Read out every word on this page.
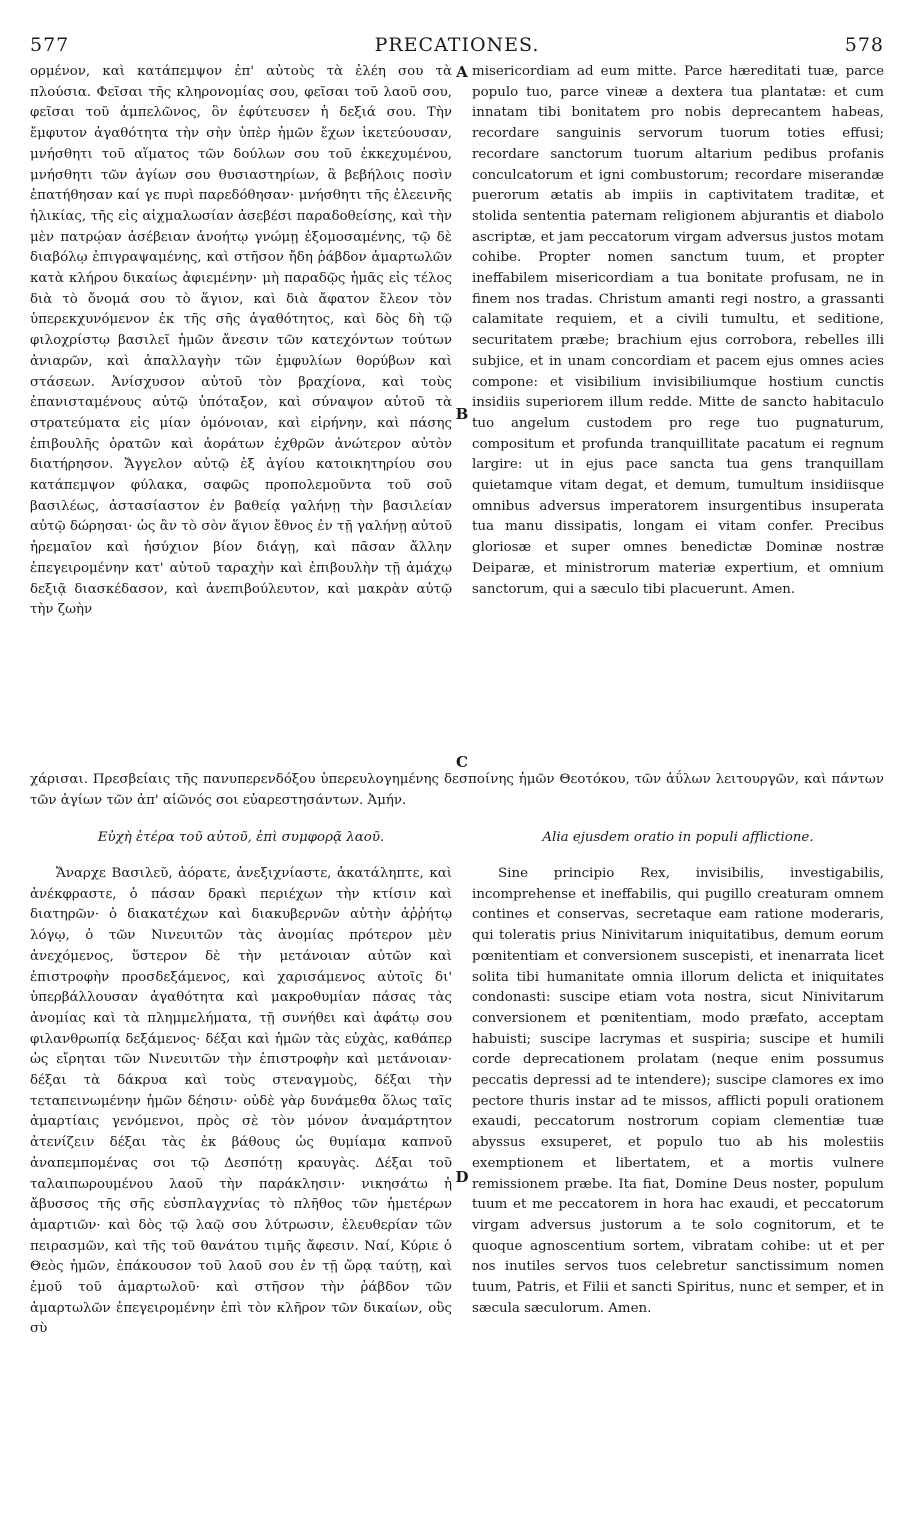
577	PRECATIONES.	578

ορμένον, καὶ κατάπεμψον ἐπ' αὐτοὺς τὰ ἐλέη σου τὰ πλούσια. Φεῖσαι τῆς κληρονομίας σου, φεῖσαι τοῦ λαοῦ σου, φεῖσαι τοῦ ἀμπελῶνος, ὃν ἐφύτευσεν ἡ δεξιά σου. Τὴν ἔμφυτον ἀγαθότητα τὴν σὴν ὑπὲρ ἡμῶν ἔχων ἱκετεύουσαν, μνήσθητι τοῦ αἵματος τῶν δούλων σου τοῦ ἐκκεχυμένου, μνήσθητι τῶν ἁγίων σου θυσιαστηρίων, ἃ βεβήλοις ποσὶν ἐπατήθησαν καί γε πυρὶ παρεδόθησαν· μνήσθητι τῆς ἐλεεινῆς ἡλικίας, τῆς εἰς αἰχμαλωσίαν ἀσεβέσι παραδοθείσης, καὶ τὴν μὲν πατρῴαν ἀσέβειαν ἀνοήτῳ γνώμῃ ἐξομοσαμένης, τῷ δὲ διαβόλῳ ἐπιγραψαμένης, καὶ στῆσον ἤδη ῥάβδον ἁμαρτωλῶν κατὰ κλήρου δικαίως ἀφιεμένην· μὴ παραδῷς ἡμᾶς εἰς τέλος διὰ τὸ ὄνομά σου τὸ ἅγιον, καὶ διὰ ἄφατον ἔλεον τὸν ὑπερεκχυνόμενον ἐκ τῆς σῆς ἀγαθότητος, καὶ δὸς δὴ τῷ φιλοχρίστῳ βασιλεῖ ἡμῶν ἄνεσιν τῶν κατεχόντων τούτων ἀνιαρῶν, καὶ ἀπαλλαγὴν τῶν ἐμφυλίων θορύβων καὶ στάσεων. Ἀνίσχυσον αὐτοῦ τὸν βραχίονα, καὶ τοὺς ἐπανισταμένους αὐτῷ ὑπόταξον, καὶ σύναψον αὐτοῦ τὰ στρατεύματα εἰς μίαν ὁμόνοιαν, καὶ εἰρήνην, καὶ πάσης ἐπιβουλῆς ὁρατῶν καὶ ἀοράτων ἐχθρῶν ἀνώτερον αὐτὸν διατήρησον. Ἄγγελον αὐτῷ ἐξ ἁγίου κατοικητηρίου σου κατάπεμψον φύλακα, σαφῶς προπολεμοῦντα τοῦ σοῦ βασιλέως, ἀστασίαστον ἐν βαθείᾳ γαλήνῃ τὴν βασιλείαν αὐτῷ δώρησαι· ὡς ἂν τὸ σὸν ἅγιον ἔθνος ἐν τῇ γαλήνῃ αὐτοῦ ἠρεμαῖον καὶ ἡσύχιον βίον διάγῃ, καὶ πᾶσαν ἄλλην ἐπεγειρομένην κατ' αὐτοῦ ταραχὴν καὶ ἐπιβουλὴν τῇ ἀμάχῳ δεξιᾷ διασκέδασον, καὶ ἀνεπιβούλευτον, καὶ μακρὰν αὐτῷ τὴν ζωὴν

misericordiam ad eum mitte. Parce hæreditati tuæ, parce populo tuo, parce vineæ a dextera tua plantatæ: et cum innatam tibi bonitatem pro nobis deprecantem habeas, recordare sanguinis servorum tuorum toties effusi; recordare sanctorum tuorum altarium pedibus profanis conculcatorum et igni combustorum; recordare miserandæ puerorum ætatis ab impiis in captivitatem traditæ, et stolida sententia paternam religionem abjurantis et diabolo ascriptæ, et jam peccatorum virgam adversus justos motam cohibe. Propter nomen sanctum tuum, et propter ineffabilem misericordiam a tua bonitate profusam, ne in finem nos tradas. Christum amanti regi nostro, a grassanti calamitate requiem, et a civili tumultu, et seditione, securitatem præbe; brachium ejus corrobora, rebelles illi subjice, et in unam concordiam et pacem ejus omnes acies compone: et visibilium invisibiliumque hostium cunctis insidiis superiorem illum redde. Mitte de sancto habitaculo tuo angelum custodem pro rege tuo pugnaturum, compositum et profunda tranquillitate pacatum ei regnum largire: ut in ejus pace sancta tua gens tranquillam quietamque vitam degat, et demum, tumultum insidiisque omnibus adversus imperatorem insurgentibus insuperata tua manu dissipatis, longam ei vitam confer. Precibus gloriosæ et super omnes benedictæ Dominæ nostræ Deiparæ, et ministrorum materiæ expertium, et omnium sanctorum, qui a sæculo tibi placuerunt. Amen.

A
B
C
D

χάρισαι. Πρεσβείαις τῆς πανυπερενδόξου ὑπερευλογημένης δεσποίνης ἡμῶν Θεοτόκου, τῶν ἀΰλων λειτουργῶν, καὶ πάντων τῶν ἁγίων τῶν ἀπ' αἰῶνός σοι εὐαρεστησάντων. Ἀμήν.

Εὐχὴ ἑτέρα τοῦ αὐτοῦ, ἐπὶ συμφορᾷ λαοῦ.	Alia ejusdem oratio in populi afflictione.

Ἄναρχε Βασιλεῦ, ἀόρατε, ἀνεξιχνίαστε, ἀκατάληπτε, καὶ ἀνέκφραστε, ὁ πάσαν δρακὶ περιέχων τὴν κτίσιν καὶ διατηρῶν· ὁ διακατέχων καὶ διακυβερνῶν αὐτὴν ἀῤῥήτῳ λόγῳ, ὁ τῶν Νινευιτῶν τὰς ἀνομίας πρότερον μὲν ἀνεχόμενος, ὕστερον δὲ τὴν μετάνοιαν αὐτῶν καὶ ἐπιστροφὴν προσδεξάμενος, καὶ χαρισάμενος αὐτοῖς δι' ὑπερβάλλουσαν ἀγαθότητα καὶ μακροθυμίαν πάσας τὰς ἀνομίας καὶ τὰ πλημμελήματα, τῇ συνήθει καὶ ἀφάτῳ σου φιλανθρωπίᾳ δεξάμενος· δέξαι καὶ ἡμῶν τὰς εὐχὰς, καθάπερ ὡς εἴρηται τῶν Νινευιτῶν τὴν ἐπιστροφὴν καὶ μετάνοιαν· δέξαι τὰ δάκρυα καὶ τοὺς στεναγμοὺς, δέξαι τὴν τεταπεινωμένην ἡμῶν δέησιν· οὐδὲ γὰρ δυνάμεθα ὅλως ταῖς ἁμαρτίαις γενόμενοι, πρὸς σὲ τὸν μόνον ἀναμάρτητον ἀτενίζειν δέξαι τὰς ἐκ βάθους ὡς θυμίαμα καπνοῦ ἀναπεμπομένας σοι τῷ Δεσπότῃ κραυγὰς. Δέξαι τοῦ ταλαιπωρουμένου λαοῦ τὴν παράκλησιν· νικησάτω ἡ ἄβυσσος τῆς σῆς εὐσπλαγχνίας τὸ πλῆθος τῶν ἡμετέρων ἁμαρτιῶν· καὶ δὸς τῷ λαῷ σου λύτρωσιν, ἐλευθερίαν τῶν πειρασμῶν, καὶ τῆς τοῦ θανάτου τιμῆς ἄφεσιν. Ναί, Κύριε ὁ Θεὸς ἡμῶν, ἐπάκουσον τοῦ λαοῦ σου ἐν τῇ ὥρᾳ ταύτῃ, καὶ ἐμοῦ τοῦ ἁμαρτωλοῦ· καὶ στῆσον τὴν ῥάβδον τῶν ἁμαρτωλῶν ἐπεγειρομένην ἐπὶ τὸν κλῆρον τῶν δικαίων, οὓς σὺ

Sine principio Rex, invisibilis, investigabilis, incomprehense et ineffabilis, qui pugillo creaturam omnem contines et conservas, secretaque eam ratione moderaris, qui toleratis prius Ninivitarum iniquitatibus, demum eorum pœnitentiam et conversionem suscepisti, et inenarrata licet solita tibi humanitate omnia illorum delicta et iniquitates condonasti: suscipe etiam vota nostra, sicut Ninivitarum conversionem et pœnitentiam, modo præfato, acceptam habuisti; suscipe lacrymas et suspiria; suscipe et humili corde deprecationem prolatam (neque enim possumus peccatis depressi ad te intendere); suscipe clamores ex imo pectore thuris instar ad te missos, afflicti populi orationem exaudi, peccatorum nostrorum copiam clementiæ tuæ abyssus exsuperet, et populo tuo ab his molestiis exemptionem et libertatem, et a mortis vulnere remissionem præbe. Ita fiat, Domine Deus noster, populum tuum et me peccatorem in hora hac exaudi, et peccatorum virgam adversus justorum a te solo cognitorum, et te quoque agnoscentium sortem, vibratam cohibe: ut et per nos inutiles servos tuos celebretur sanctissimum nomen tuum, Patris, et Filii et sancti Spiritus, nunc et semper, et in sæcula sæculorum. Amen.
